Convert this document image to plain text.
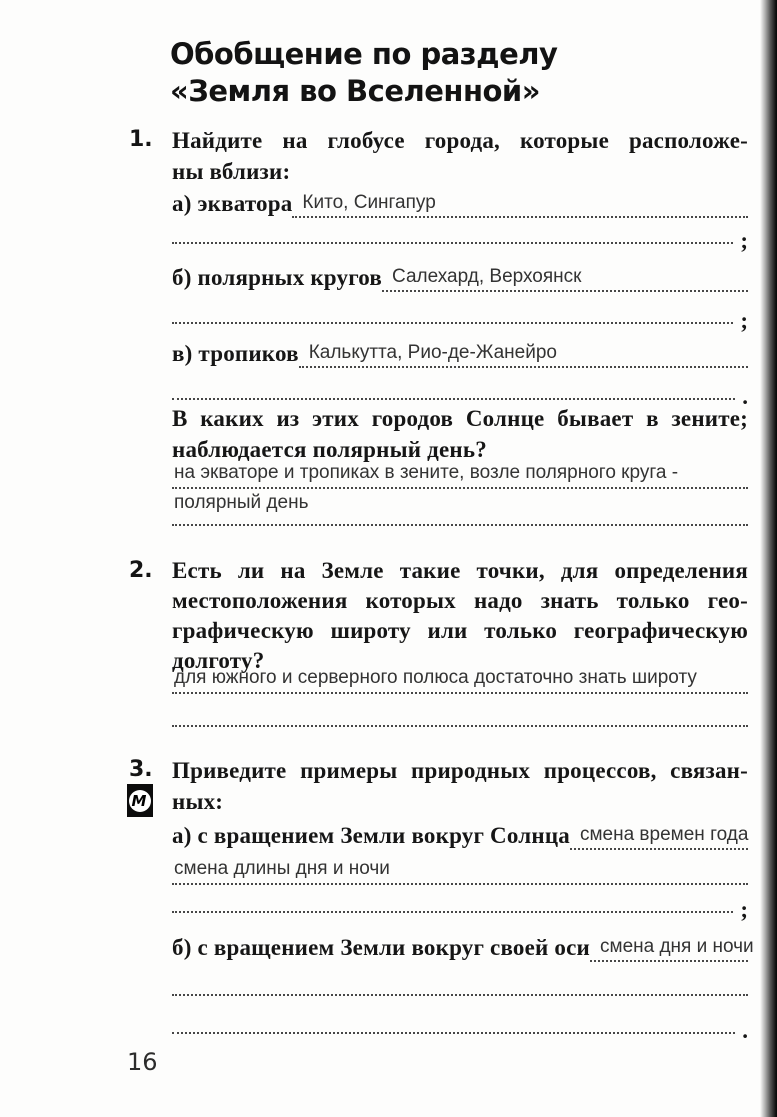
Обобщение по разделу
«Земля во Вселенной»
1. Найдите на глобусе города, которые расположе-
ны вблизи:
а) экватора Кито, Сингапур
;
б) полярных кругов Салехард, Верхоянск
;
в) тропиков Калькутта, Рио-де-Жанейро
.
В каких из этих городов Солнце бывает в зените;
наблюдается полярный день?
на экваторе и тропиках в зените, возле полярного круга -
полярный день
2. Есть ли на Земле такие точки, для определения
местоположения которых надо знать только гео-
графическую широту или только географическую
долготу?
для южного и серверного полюса достаточно знать широту
3. Приведите примеры природных процессов, связан-
ных:
М
а) с вращением Земли вокруг Солнца смена времен года
смена длины дня и ночи
;
б) с вращением Земли вокруг своей оси смена дня и ночи
.
16
